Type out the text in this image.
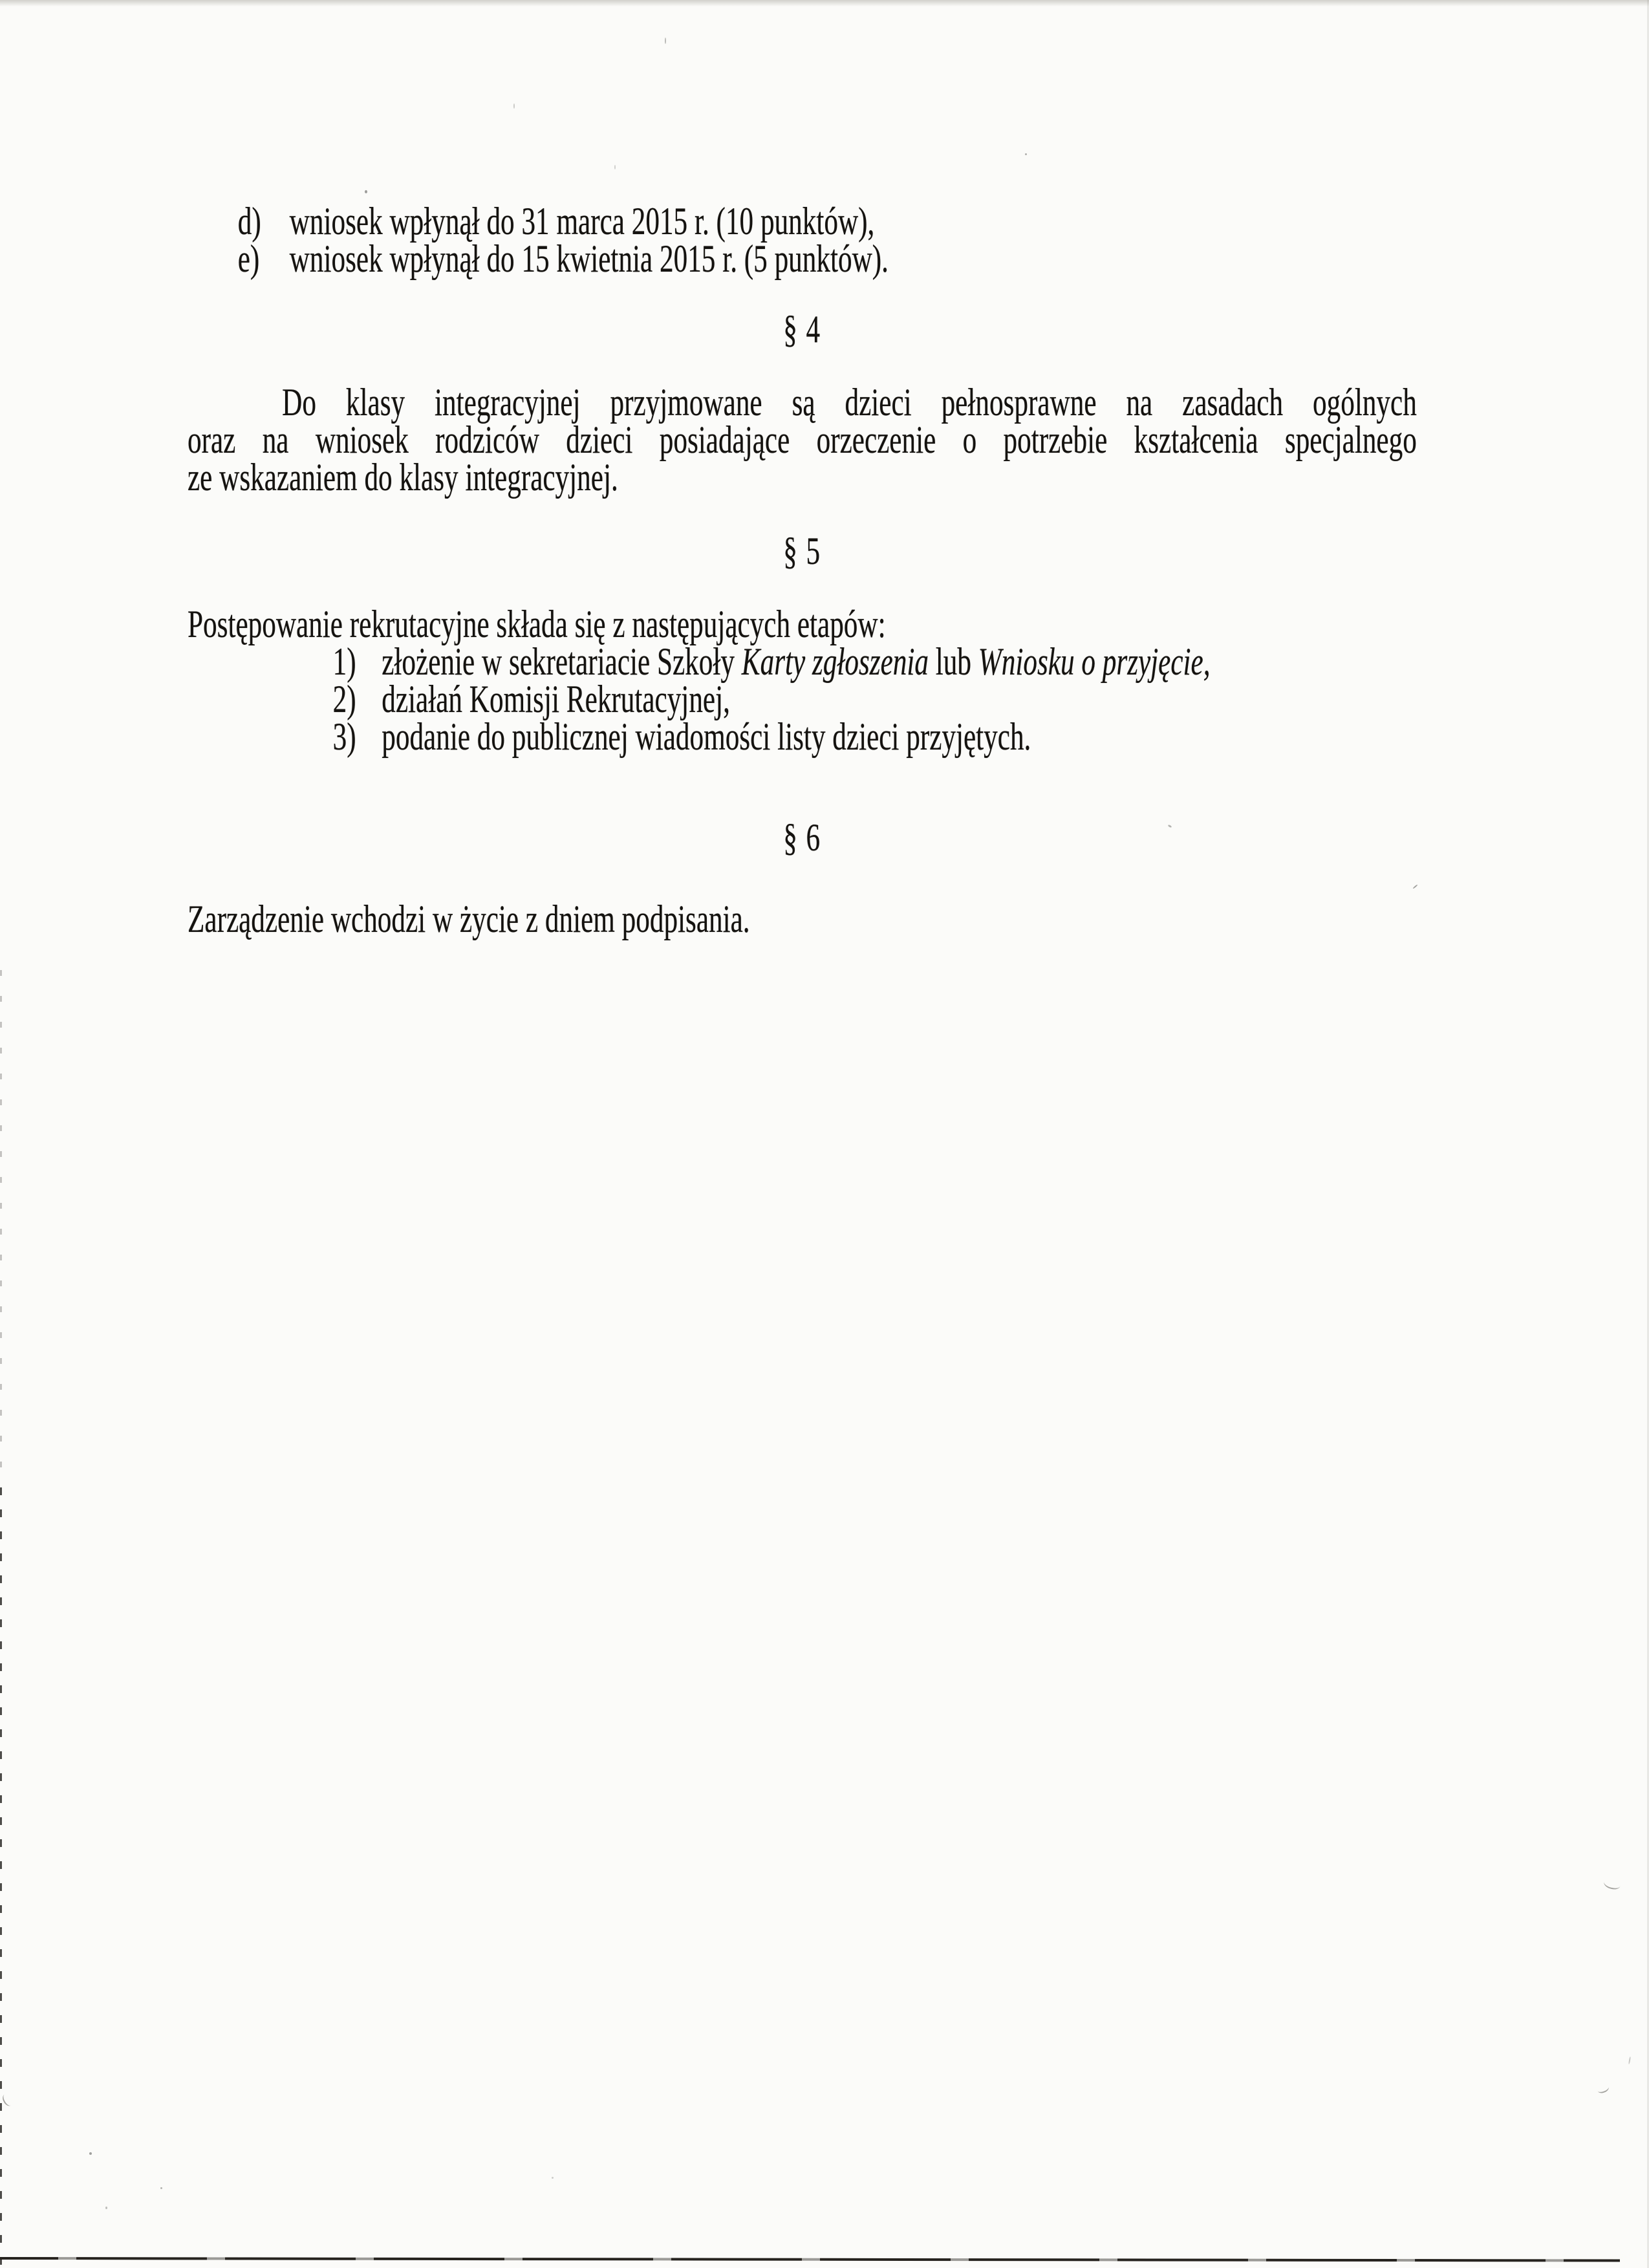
d) wniosek wpłynął do 31 marca 2015 r. (10 punktów),
e) wniosek wpłynął do 15 kwietnia 2015 r. (5 punktów).
§ 4
Do klasy integracyjnej przyjmowane są dzieci pełnosprawne na zasadach ogólnych
oraz na wniosek rodziców dzieci posiadające orzeczenie o potrzebie kształcenia specjalnego
ze wskazaniem do klasy integracyjnej.
§ 5
Postępowanie rekrutacyjne składa się z następujących etapów:
1) złożenie w sekretariacie Szkoły Karty zgłoszenia lub Wniosku o przyjęcie,
2) działań Komisji Rekrutacyjnej,
3) podanie do publicznej wiadomości listy dzieci przyjętych.
§ 6
Zarządzenie wchodzi w życie z dniem podpisania.
